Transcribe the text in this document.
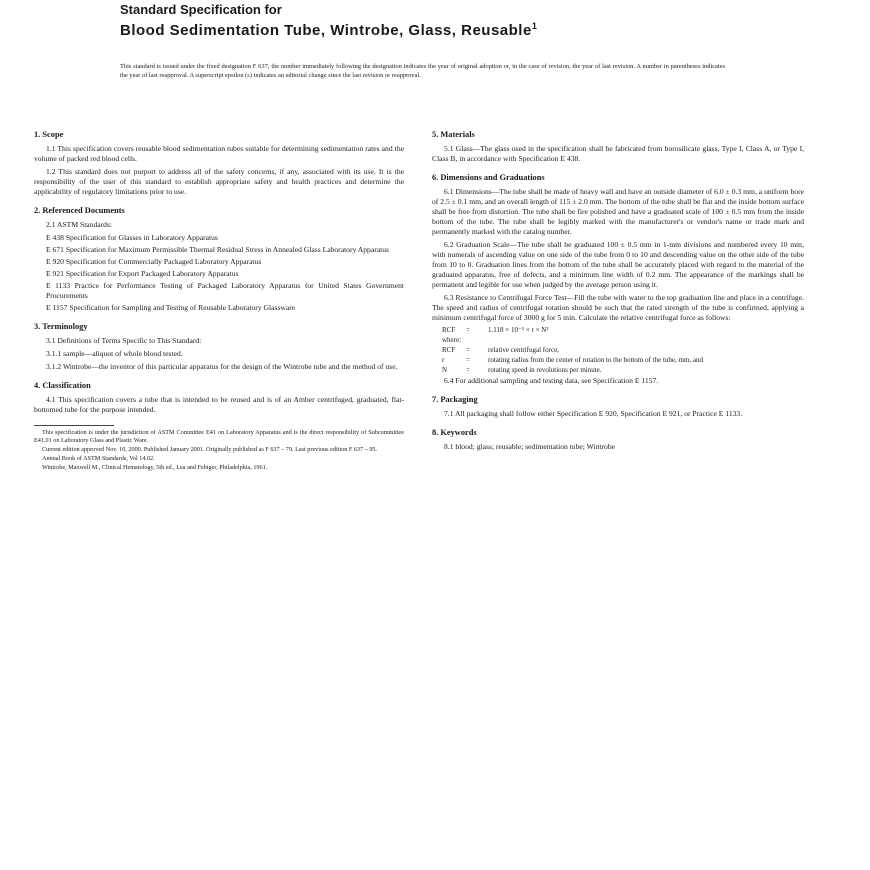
Standard Specification for
Blood Sedimentation Tube, Wintrobe, Glass, Reusable$^1$
This standard is issued under the fixed designation F 637; the number immediately following the designation indicates the year of original adoption or, in the case of revision, the year of last revision. A number in parentheses indicates the year of last reapproval. A superscript epsilon (ε) indicates an editorial change since the last revision or reapproval.
1. Scope

1.1 This specification covers reusable blood sedimentation tubes suitable for determining sedimentation rates and the volume of packed red blood cells.

1.2 This standard does not purport to address all of the safety concerns, if any, associated with its use. It is the responsibility of the user of this standard to establish appropriate safety and health practices and determine the applicability of regulatory limitations prior to use.

2. Referenced Documents

2.1 ASTM Standards:

E 438 Specification for Glasses in Laboratory Apparatus

E 671 Specification for Maximum Permissible Thermal Residual Stress in Annealed Glass Laboratory Apparatus

E 920 Specification for Commercially Packaged Laboratory Apparatus

E 921 Specification for Export Packaged Laboratory Apparatus

E 1133 Practice for Performance Testing of Packaged Laboratory Apparatus for United States Government Procurements

E 1157 Specification for Sampling and Testing of Reusable Laboratory Glassware

3. Terminology

3.1 Definitions of Terms Specific to This Standard:

3.1.1 sample—aliquot of whole blood tested.

3.1.2 Wintrobe—the inventor of this particular apparatus for the design of the Wintrobe tube and the method of use.

4. Classification

4.1 This specification covers a tube that is intended to be reused and is of an Amber centrifuged, graduated, flat-bottomed tube for the purpose intended.

This specification is under the jurisdiction of ASTM Committee E41 on Laboratory Apparatus and is the direct responsibility of Subcommittee E41.01 on Laboratory Glass and Plastic Ware.

Current edition approved Nov. 10, 2000. Published January 2001. Originally published as F 637 – 79. Last previous edition F 637 – 95.

Annual Book of ASTM Standards, Vol 14.02.

Wintrobe, Maxwell M., Clinical Hematology, 5th ed., Lea and Febiger, Philadelphia, 1961.

5. Materials

5.1 Glass—The glass used in the specification shall be fabricated from borosilicate glass, Type I, Class A, or Type I, Class B, in accordance with Specification E 438.

6. Dimensions and Graduations

6.1 Dimensions—The tube shall be made of heavy wall and have an outside diameter of 6.0 ± 0.3 mm, a uniform bore of 2.5 ± 0.1 mm, and an overall length of 115 ± 2.0 mm. The bottom of the tube shall be flat and the inside bottom surface shall be free from distortion. The tube shall be fire polished and have a graduated scale of 100 ± 0.5 mm from the inside bottom of the tube. The tube shall be legibly marked with the manufacturer's or vendor's name or trade mark and permanently marked with the catalog number.

6.2 Graduation Scale—The tube shall be graduated 100 ± 0.5 mm in 1-mm divisions and numbered every 10 mm, with numerals of ascending value on one side of the tube from 0 to 10 and descending value on the other side of the tube from 10 to 0. Graduation lines from the bottom of the tube shall be accurately placed with regard to the material of the graduated apparatus, free of defects, and a minimum line width of 0.2 mm. The appearance of the markings shall be permanent and legible for use when judged by the average person using it.

6.3 Resistance to Centrifugal Force Test—Fill the tube with water to the top graduation line and place in a centrifuge. The speed and radius of centrifugal rotation should be such that the rated strength of the tube is confirmed, applying a minimum centrifugal force of 3000 g for 5 min. Calculate the relative centrifugal force as follows:

RCF	=	1.118 × 10⁻⁵ × r × N²
where:
RCF	=	relative centrifugal force,
r	=	rotating radius from the center of rotation to the bottom of the tube, mm, and
N	=	rotating speed in revolutions per minute.

6.4 For additional sampling and testing data, see Specification E 1157.

7. Packaging

7.1 All packaging shall follow either Specification E 920, Specification E 921, or Practice E 1133.

8. Keywords

8.1 blood; glass; reusable; sedimentation tube; Wintrobe
